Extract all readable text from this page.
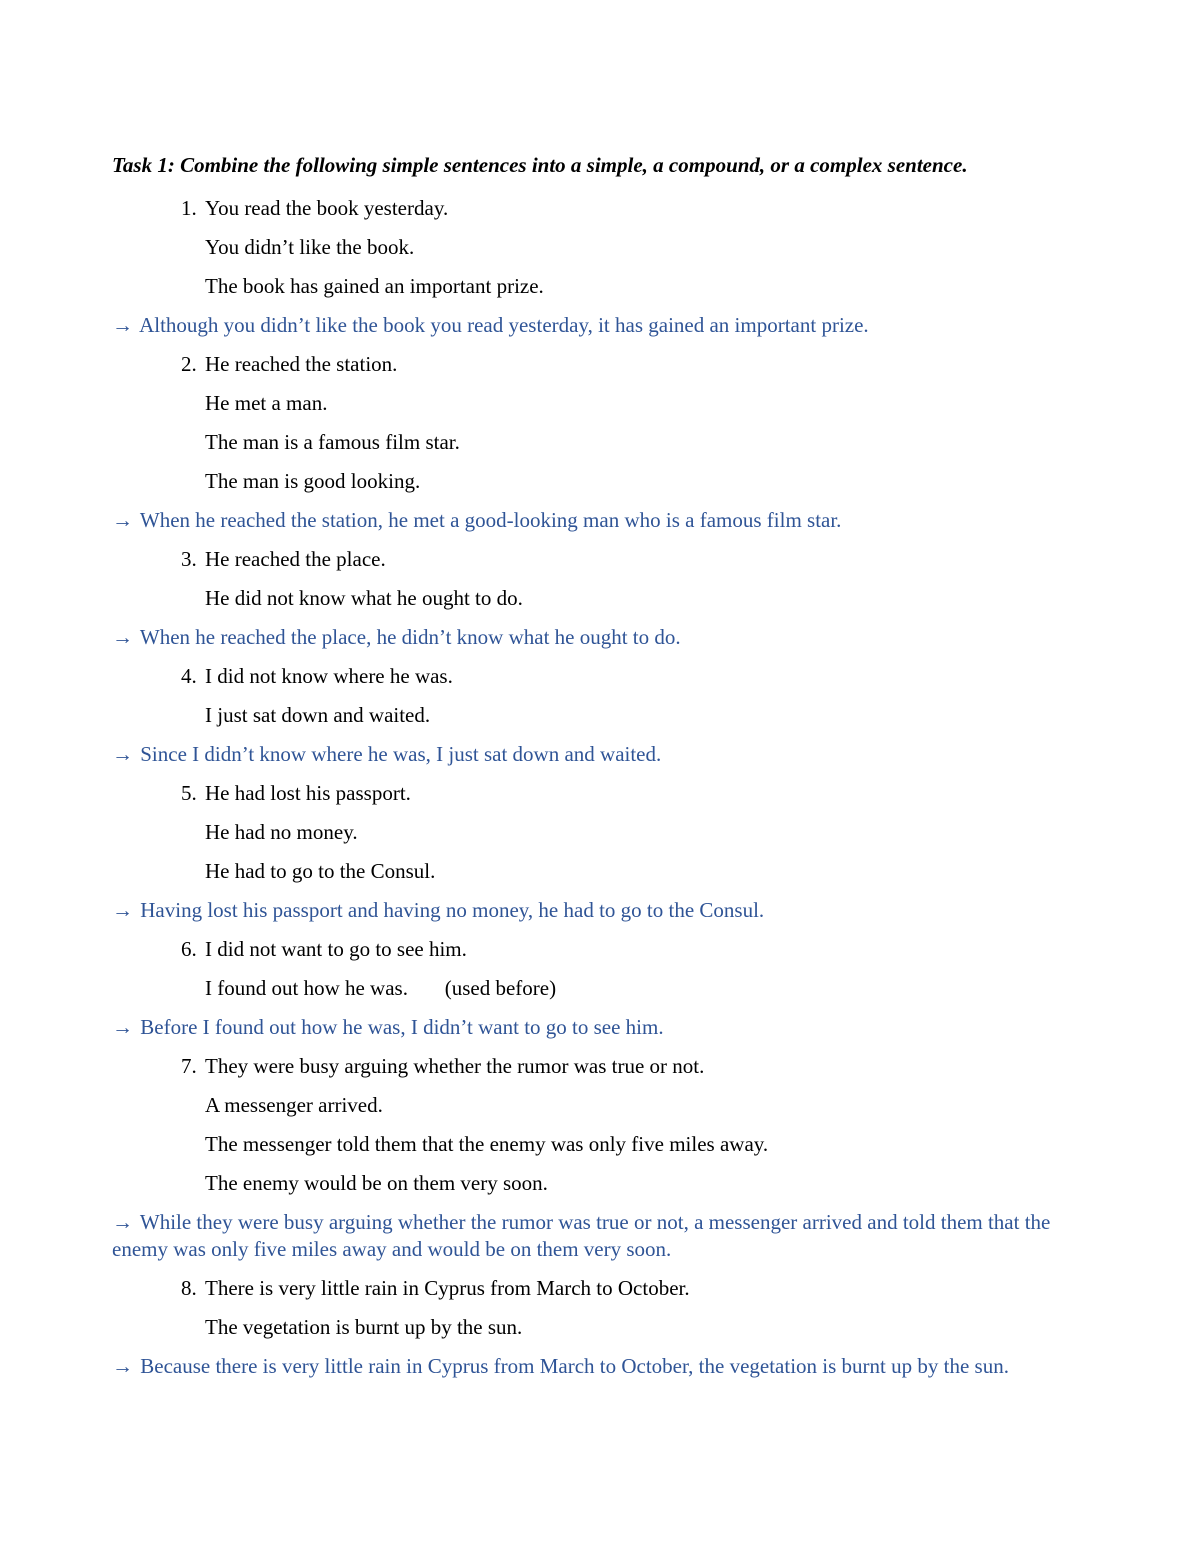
Task 1: Combine the following simple sentences into a simple, a compound, or a complex sentence.
1. You read the book yesterday.
You didn’t like the book.
The book has gained an important prize.
→ Although you didn’t like the book you read yesterday, it has gained an important prize.
2. He reached the station.
He met a man.
The man is a famous film star.
The man is good looking.
→ When he reached the station, he met a good-looking man who is a famous film star.
3. He reached the place.
He did not know what he ought to do.
→ When he reached the place, he didn’t know what he ought to do.
4. I did not know where he was.
I just sat down and waited.
→ Since I didn’t know where he was, I just sat down and waited.
5. He had lost his passport.
He had no money.
He had to go to the Consul.
→ Having lost his passport and having no money, he had to go to the Consul.
6. I did not want to go to see him.
I found out how he was.       (used before)
→ Before I found out how he was, I didn’t want to go to see him.
7. They were busy arguing whether the rumor was true or not.
A messenger arrived.
The messenger told them that the enemy was only five miles away.
The enemy would be on them very soon.
→ While they were busy arguing whether the rumor was true or not, a messenger arrived and told them that the enemy was only five miles away and would be on them very soon.
8. There is very little rain in Cyprus from March to October.
The vegetation is burnt up by the sun.
→ Because there is very little rain in Cyprus from March to October, the vegetation is burnt up by the sun.
